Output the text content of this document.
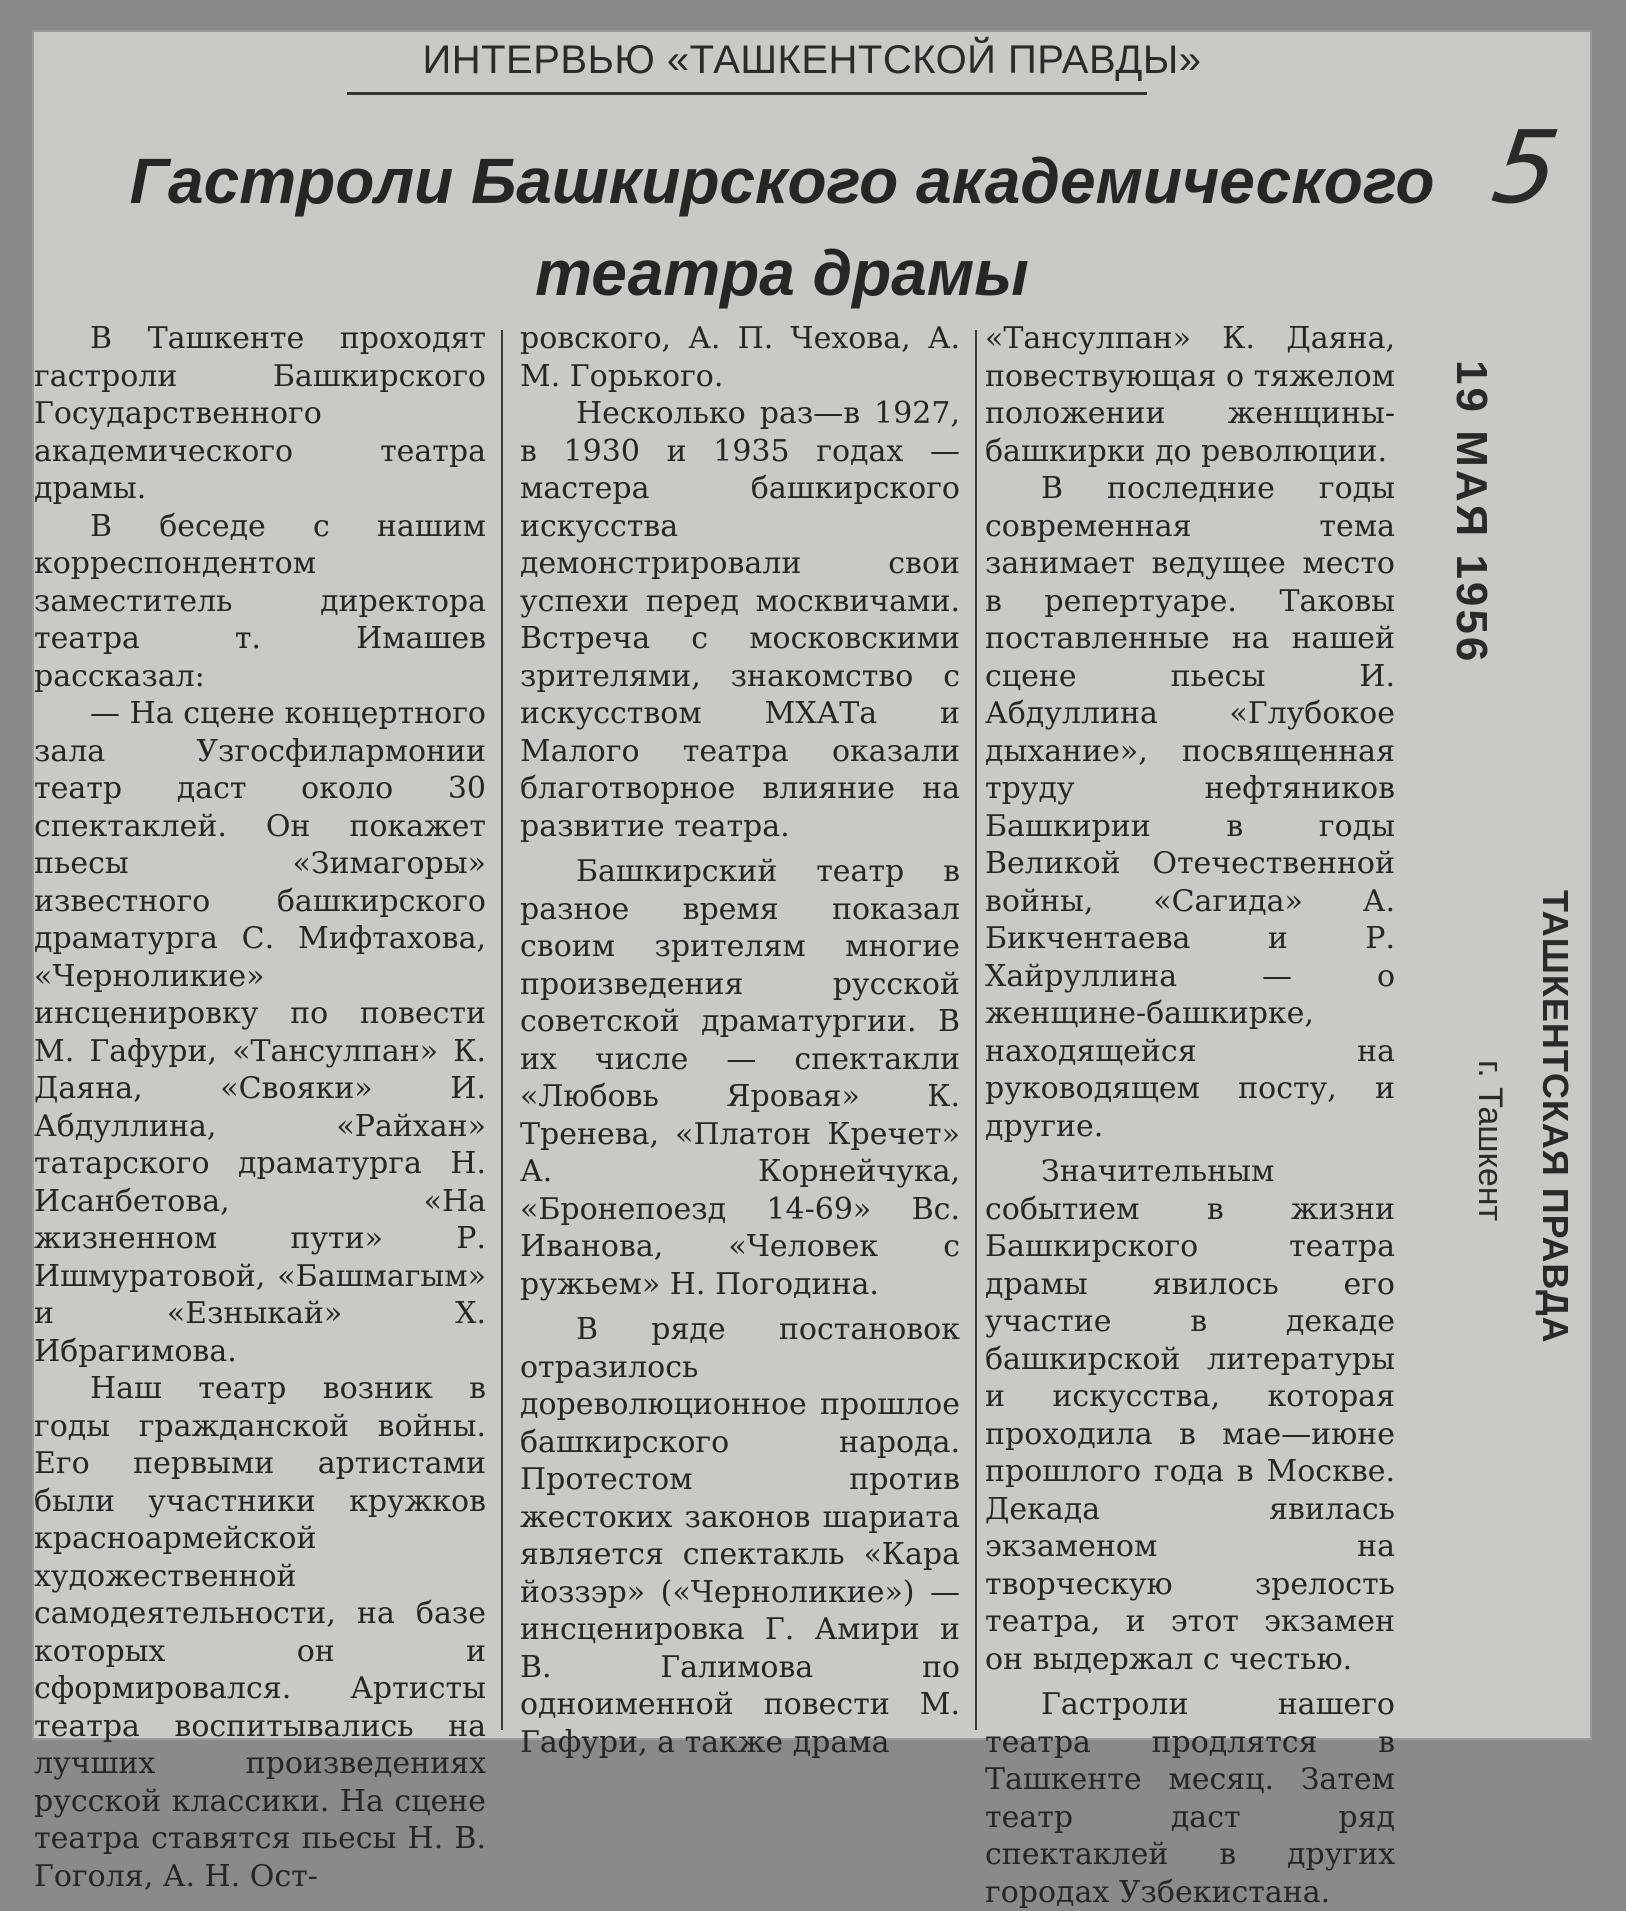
ИНТЕРВЬЮ «ТАШКЕНТСКОЙ ПРАВДЫ»
Гастроли Башкирского академического театра драмы
5

В Ташкенте проходят гастроли Башкирского Государственного академического театра драмы.

В беседе с нашим корреспондентом заместитель директора театра т. Имашев рассказал:

— На сцене концертного зала Узгосфилармонии театр даст около 30 спектаклей. Он покажет пьесы «Зимагоры» известного башкирского драматурга С. Мифтахова, «Черноликие» инсценировку по повести М. Гафури, «Тансулпан» К. Даяна, «Свояки» И. Абдуллина, «Райхан» татарского драматурга Н. Исанбетова, «На жизненном пути» Р. Ишмуратовой, «Башмагым» и «Езныкай» Х. Ибрагимова.

Наш театр возник в годы гражданской войны. Его первыми артистами были участники кружков красноармейской художественной самодеятельности, на базе которых он и сформировался. Артисты театра воспитывались на лучших произведениях русской классики. На сцене театра ставятся пьесы Н. В. Гоголя, А. Н. Ост-

ровского, А. П. Чехова, А. М. Горького.

Несколько раз—в 1927, в 1930 и 1935 годах — мастера башкирского искусства демонстрировали свои успехи перед москвичами. Встреча с московскими зрителями, знакомство с искусством МХАТа и Малого театра оказали благотворное влияние на развитие театра.

Башкирский театр в разное время показал своим зрителям многие произведения русской советской драматургии. В их числе — спектакли «Любовь Яровая» К. Тренева, «Платон Кречет» А. Корнейчука, «Бронепоезд 14-69» Вс. Иванова, «Человек с ружьем» Н. Погодина.

В ряде постановок отразилось дореволюционное прошлое башкирского народа. Протестом против жестоких законов шариата является спектакль «Кара йоззэр» («Черноликие») — инсценировка Г. Амири и В. Галимова по одноименной повести М. Гафури, а также драма

«Тансулпан» К. Даяна, повествующая о тяжелом положении женщины-башкирки до революции.

В последние годы современная тема занимает ведущее место в репертуаре. Таковы поставленные на нашей сцене пьесы И. Абдуллина «Глубокое дыхание», посвященная труду нефтяников Башкирии в годы Великой Отечественной войны, «Сагида» А. Бикчентаева и Р. Хайруллина — о женщине-башкирке, находящейся на руководящем посту, и другие.

Значительным событием в жизни Башкирского театра драмы явилось его участие в декаде башкирской литературы и искусства, которая проходила в мае—июне прошлого года в Москве. Декада явилась экзаменом на творческую зрелость театра, и этот экзамен он выдержал с честью.

Гастроли нашего театра продлятся в Ташкенте месяц. Затем театр даст ряд спектаклей в других городах Узбекистана.

19 МАЯ 1956
ТАШКЕНТСКАЯ ПРАВДА
г. Ташкент
